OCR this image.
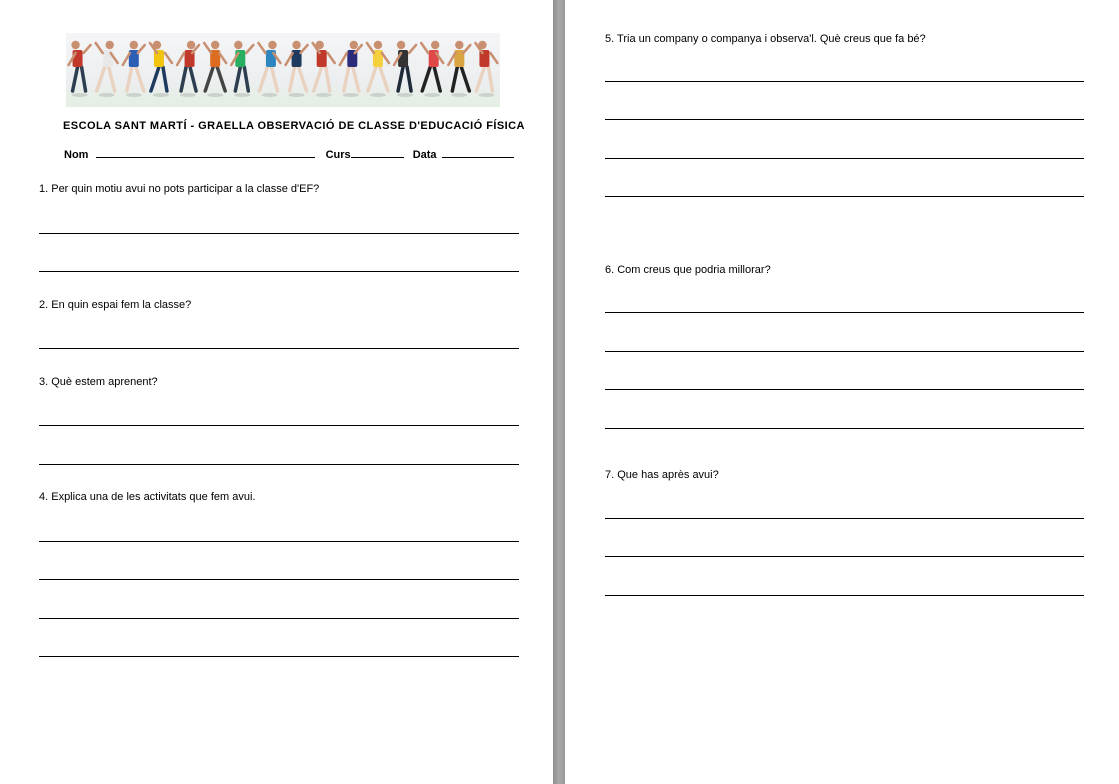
ESCOLA SANT MARTÍ - GRAELLA OBSERVACIÓ DE CLASSE D'EDUCACIÓ FÍSICA
Nom	Curs	Data
1. Per quin motiu avui no pots participar a la classe d'EF?
2. En quin espai fem la classe?
3. Què estem aprenent?
4. Explica una de les activitats que fem avui.
5. Tria un company o companya i observa'l. Què creus que fa bé?
6. Com creus que podria millorar?
7. Que has après avui?
